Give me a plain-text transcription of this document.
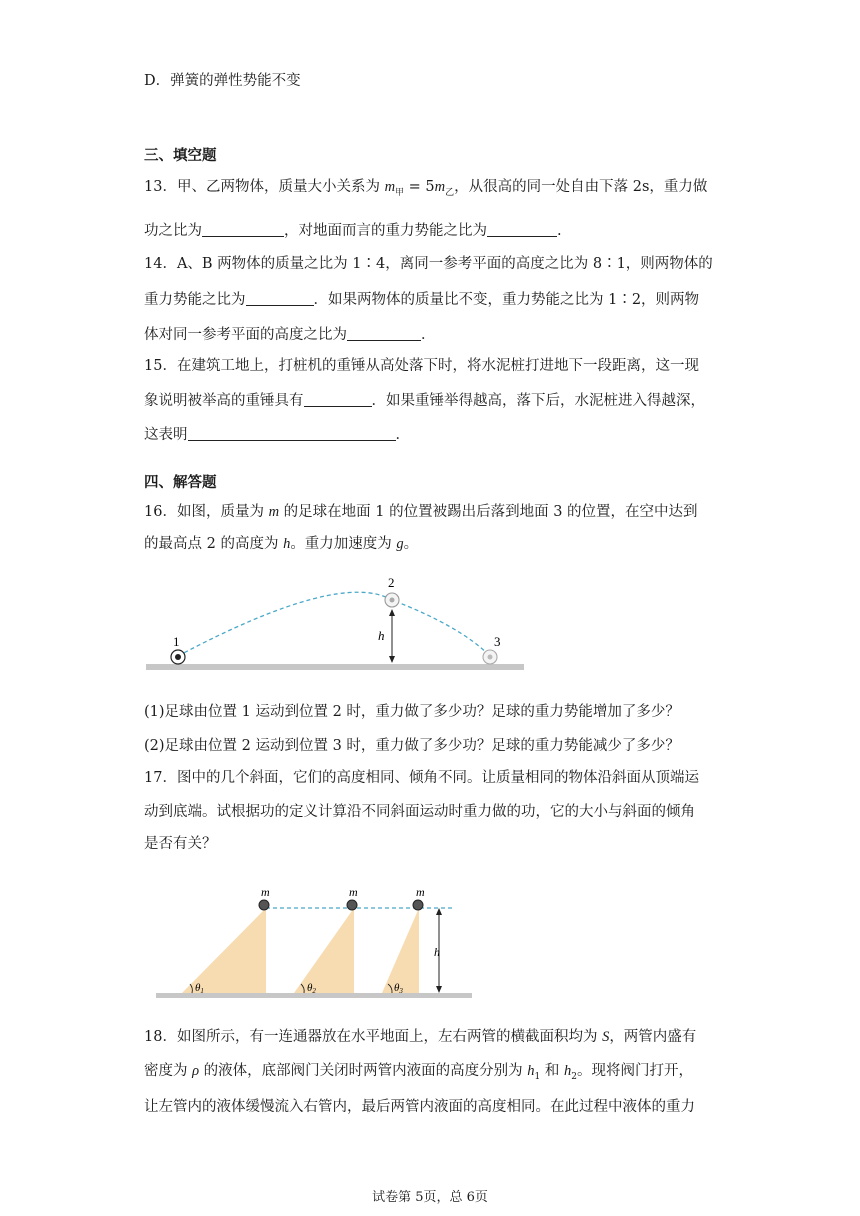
D．弹簧的弹性势能不变
三、填空题
13．甲、乙两物体，质量大小关系为 $m_甲 = 5m_乙$，从很高的同一处自由下落 2s，重力做
功之比为	，对地面而言的重力势能之比为	.
14．A、B 两物体的质量之比为 1∶4，离同一参考平面的高度之比为 8∶1，则两物体的
重力势能之比为	．如果两物体的质量比不变，重力势能之比为 1∶2，则两物
体对同一参考平面的高度之比为	．
15．在建筑工地上，打桩机的重锤从高处落下时，将水泥桩打进地下一段距离，这一现
象说明被举高的重锤具有	．如果重锤举得越高，落下后，水泥桩进入得越深，
这表明	．
四、解答题
16．如图，质量为 m 的足球在地面 1 的位置被踢出后落到地面 3 的位置，在空中达到
的最高点 2 的高度为 h。重力加速度为 g。
1
2
3
h
(1)足球由位置 1 运动到位置 2 时，重力做了多少功？足球的重力势能增加了多少？
(2)足球由位置 2 运动到位置 3 时，重力做了多少功？足球的重力势能减少了多少？
17．图中的几个斜面，它们的高度相同、倾角不同。让质量相同的物体沿斜面从顶端运
动到底端。试根据功的定义计算沿不同斜面运动时重力做的功，它的大小与斜面的倾角
是否有关？
m	m	m
h
θ1	θ2	θ3
18．如图所示，有一连通器放在水平地面上，左右两管的横截面积均为 S，两管内盛有
密度为 ρ 的液体，底部阀门关闭时两管内液面的高度分别为 $h_1$ 和 $h_2$。现将阀门打开，
让左管内的液体缓慢流入右管内，最后两管内液面的高度相同。在此过程中液体的重力
试卷第 5页，总 6页
